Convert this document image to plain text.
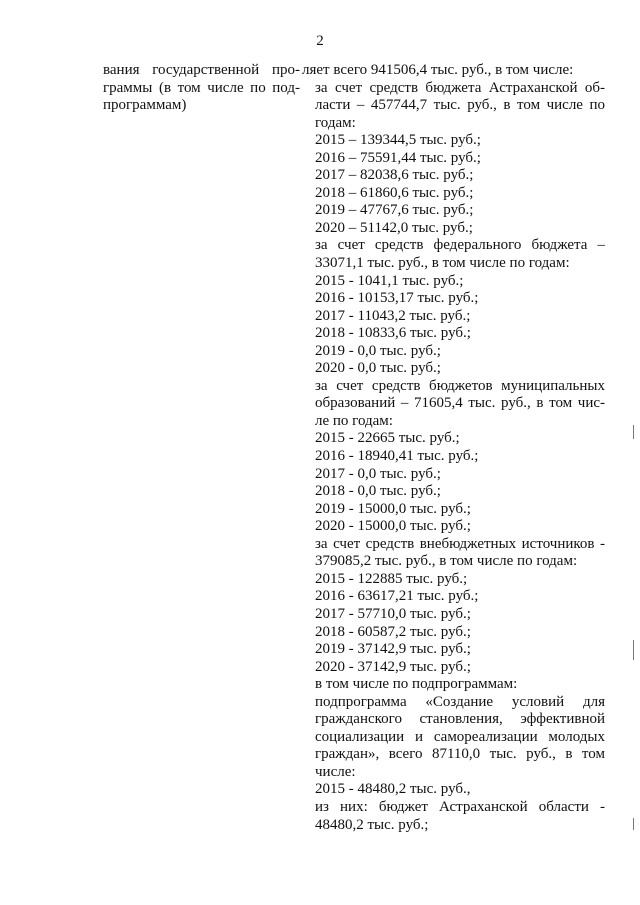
2
вания государственной про-
граммы (в том числе по под-
программам)
ляет всего 941506,4 тыс. руб., в том числе:
за счет средств бюджета Астраханской об-
ласти – 457744,7 тыс. руб., в том числе по
годам:
2015 – 139344,5 тыс. руб.;
2016 – 75591,44 тыс. руб.;
2017 – 82038,6 тыс. руб.;
2018 – 61860,6 тыс. руб.;
2019 – 47767,6 тыс. руб.;
2020 – 51142,0 тыс. руб.;
за счет средств федерального бюджета –
33071,1 тыс. руб., в том числе по годам:
2015 - 1041,1 тыс. руб.;
2016 - 10153,17 тыс. руб.;
2017 - 11043,2 тыс. руб.;
2018 - 10833,6 тыс. руб.;
2019 - 0,0 тыс. руб.;
2020 - 0,0 тыс. руб.;
за счет средств бюджетов муниципальных
образований – 71605,4 тыс. руб., в том чис-
ле по годам:
2015 - 22665 тыс. руб.;
2016 - 18940,41 тыс. руб.;
2017 - 0,0 тыс. руб.;
2018 - 0,0 тыс. руб.;
2019 - 15000,0 тыс. руб.;
2020 - 15000,0 тыс. руб.;
за счет средств внебюджетных источников -
379085,2 тыс. руб., в том числе по годам:
2015 - 122885 тыс. руб.;
2016 - 63617,21 тыс. руб.;
2017 - 57710,0 тыс. руб.;
2018 - 60587,2 тыс. руб.;
2019 - 37142,9 тыс. руб.;
2020 - 37142,9 тыс. руб.;
в том числе по подпрограммам:
подпрограмма «Создание условий для
гражданского становления, эффективной
социализации и самореализации молодых
граждан», всего 87110,0 тыс. руб., в том
числе:
2015 - 48480,2 тыс. руб.,
из них: бюджет Астраханской области -
48480,2 тыс. руб.;
